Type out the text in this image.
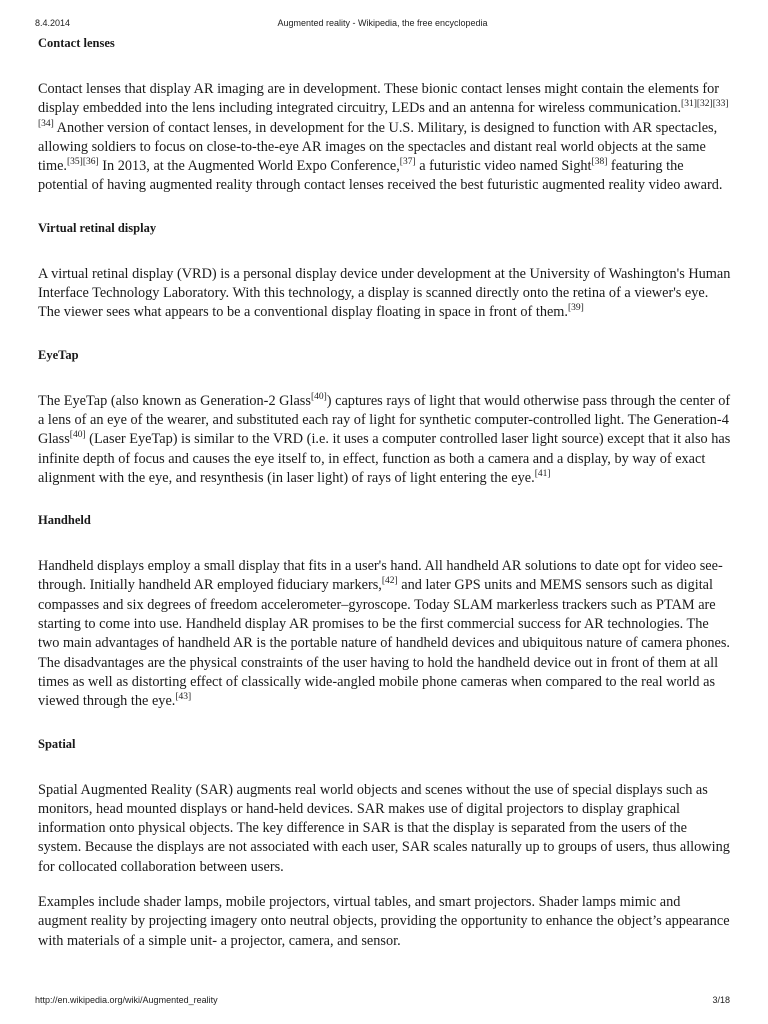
8.4.2014	Augmented reality - Wikipedia, the free encyclopedia
Contact lenses

Contact lenses that display AR imaging are in development. These bionic contact lenses might contain the elements for display embedded into the lens including integrated circuitry, LEDs and an antenna for wireless communication.[31][32][33][34] Another version of contact lenses, in development for the U.S. Military, is designed to function with AR spectacles, allowing soldiers to focus on close-to-the-eye AR images on the spectacles and distant real world objects at the same time.[35][36] In 2013, at the Augmented World Expo Conference,[37] a futuristic video named Sight[38] featuring the potential of having augmented reality through contact lenses received the best futuristic augmented reality video award.

Virtual retinal display

A virtual retinal display (VRD) is a personal display device under development at the University of Washington's Human Interface Technology Laboratory. With this technology, a display is scanned directly onto the retina of a viewer's eye. The viewer sees what appears to be a conventional display floating in space in front of them.[39]

EyeTap

The EyeTap (also known as Generation-2 Glass[40]) captures rays of light that would otherwise pass through the center of a lens of an eye of the wearer, and substituted each ray of light for synthetic computer-controlled light. The Generation-4 Glass[40] (Laser EyeTap) is similar to the VRD (i.e. it uses a computer controlled laser light source) except that it also has infinite depth of focus and causes the eye itself to, in effect, function as both a camera and a display, by way of exact alignment with the eye, and resynthesis (in laser light) of rays of light entering the eye.[41]

Handheld

Handheld displays employ a small display that fits in a user's hand. All handheld AR solutions to date opt for video see-through. Initially handheld AR employed fiduciary markers,[42] and later GPS units and MEMS sensors such as digital compasses and six degrees of freedom accelerometer–gyroscope. Today SLAM markerless trackers such as PTAM are starting to come into use. Handheld display AR promises to be the first commercial success for AR technologies. The two main advantages of handheld AR is the portable nature of handheld devices and ubiquitous nature of camera phones. The disadvantages are the physical constraints of the user having to hold the handheld device out in front of them at all times as well as distorting effect of classically wide-angled mobile phone cameras when compared to the real world as viewed through the eye.[43]

Spatial

Spatial Augmented Reality (SAR) augments real world objects and scenes without the use of special displays such as monitors, head mounted displays or hand-held devices. SAR makes use of digital projectors to display graphical information onto physical objects. The key difference in SAR is that the display is separated from the users of the system. Because the displays are not associated with each user, SAR scales naturally up to groups of users, thus allowing for collocated collaboration between users.

Examples include shader lamps, mobile projectors, virtual tables, and smart projectors. Shader lamps mimic and augment reality by projecting imagery onto neutral objects, providing the opportunity to enhance the object’s appearance with materials of a simple unit- a projector, camera, and sensor.

http://en.wikipedia.org/wiki/Augmented_reality	3/18
